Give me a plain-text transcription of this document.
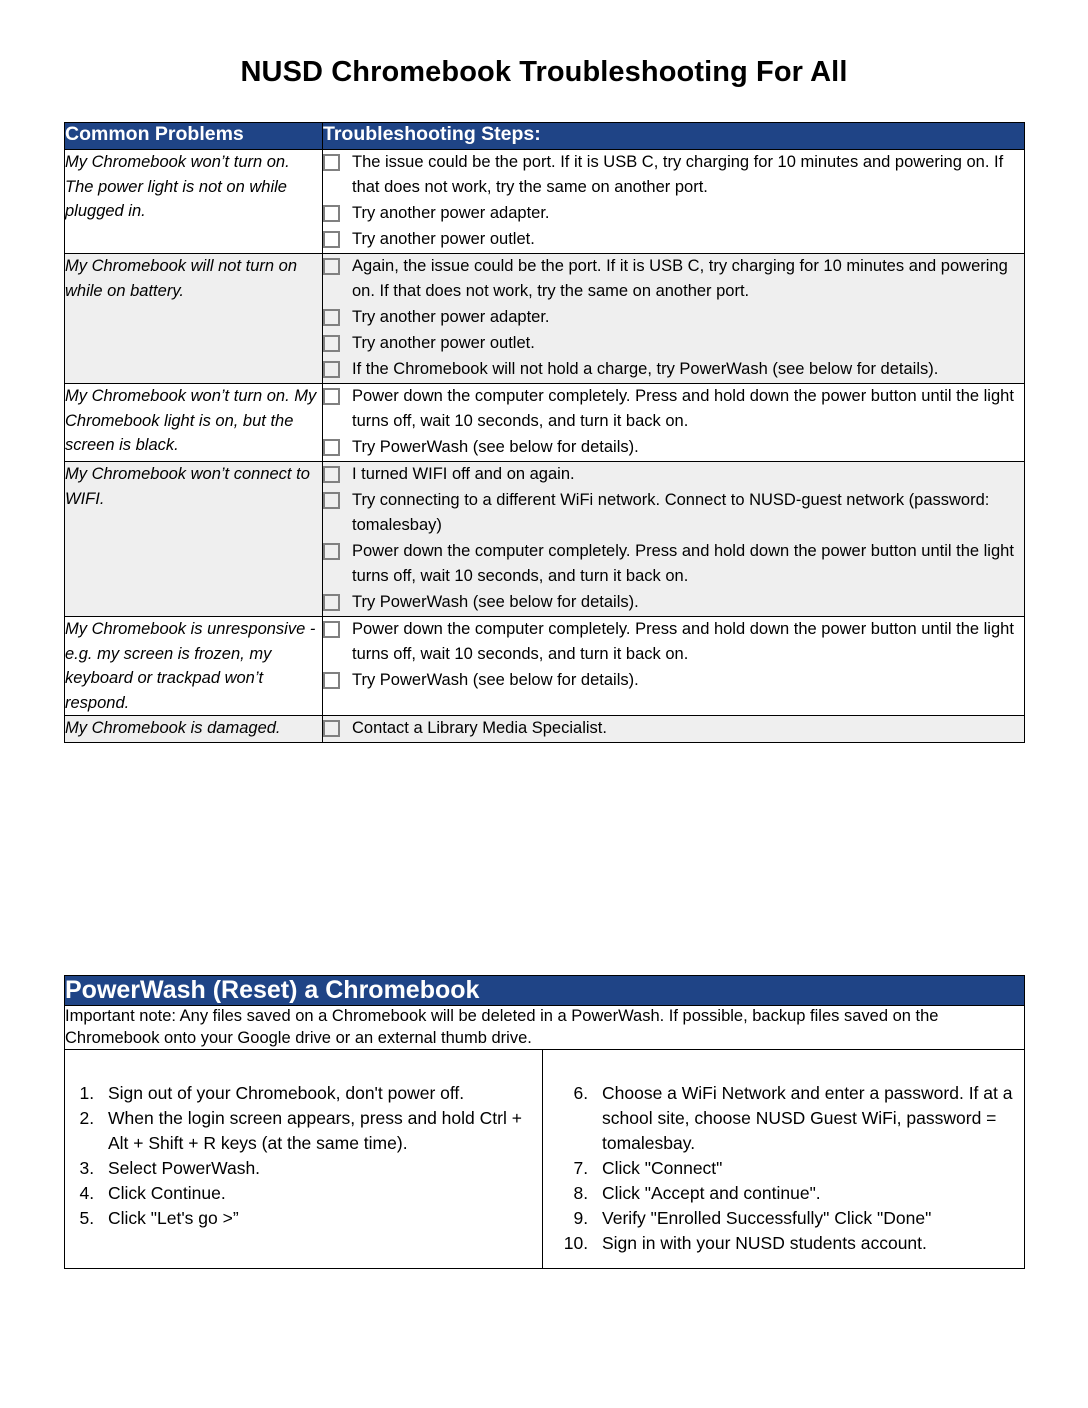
NUSD Chromebook Troubleshooting For All
Common Problems	Troubleshooting Steps:
My Chromebook won’t turn on. The power light is not on while plugged in.	
The issue could be the port. If it is USB C, try charging for 10 minutes and powering on. If that does not work, try the same on another port.
Try another power adapter.
Try another power outlet.

My Chromebook will not turn on while on battery.	
Again, the issue could be the port. If it is USB C, try charging for 10 minutes and powering on. If that does not work, try the same on another port.
Try another power adapter.
Try another power outlet.
If the Chromebook will not hold a charge, try PowerWash (see below for details).

My Chromebook won’t turn on. My Chromebook light is on, but the screen is black.	
Power down the computer completely. Press and hold down the power button until the light turns off, wait 10 seconds, and turn it back on.
Try PowerWash (see below for details).

My Chromebook won’t connect to WIFI.	
I turned WIFI off and on again.
Try connecting to a different WiFi network. Connect to NUSD-guest network (password: tomalesbay)
Power down the computer completely. Press and hold down the power button until the light turns off, wait 10 seconds, and turn it back on.
Try PowerWash (see below for details).

My Chromebook is unresponsive - e.g. my screen is frozen, my keyboard or trackpad won’t respond.	
Power down the computer completely. Press and hold down the power button until the light turns off, wait 10 seconds, and turn it back on.
Try PowerWash (see below for details).

My Chromebook is damaged.	Contact a Library Media Specialist.
PowerWash (Reset) a Chromebook
Important note: Any files saved on a Chromebook will be deleted in a PowerWash. If possible, backup files saved on the Chromebook onto your Google drive or an external thumb drive.

1. Sign out of your Chromebook, don't power off.
2. When the login screen appears, press and hold Ctrl + Alt + Shift + R keys (at the same time).
3. Select PowerWash.
4. Click Continue.
5. Click "Let's go >”

6. Choose a WiFi Network and enter a password. If at a school site, choose NUSD Guest WiFi, password = tomalesbay.
7. Click "Connect"
8. Click "Accept and continue".
9. Verify "Enrolled Successfully" Click "Done"
10. Sign in with your NUSD students account.
